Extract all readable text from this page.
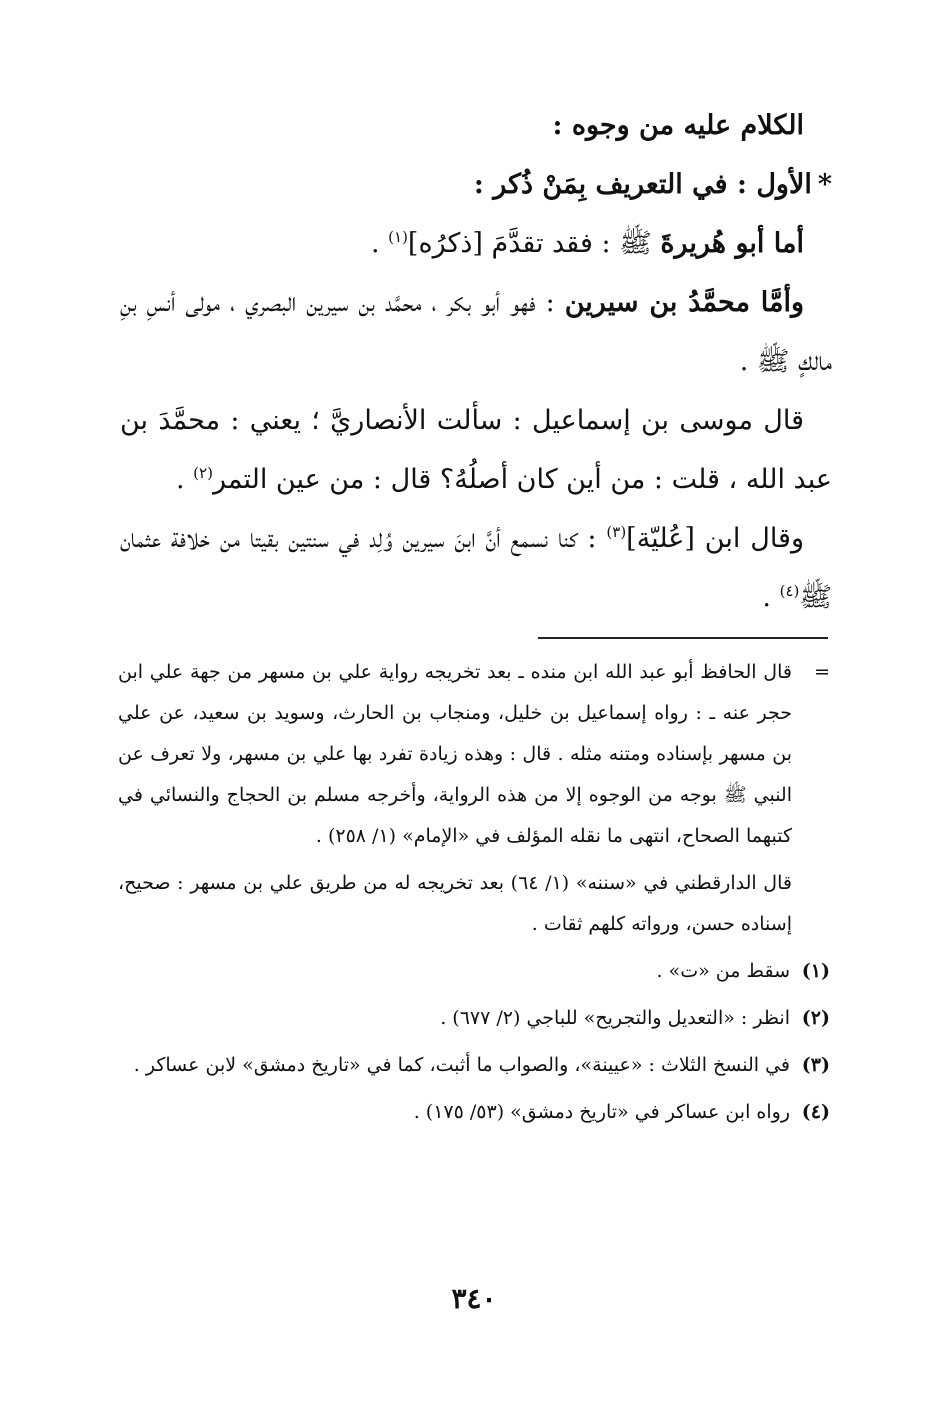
الكلام عليه من وجوه :

*الأول : في التعريف بِمَنْ ذُكر :

أما أبو هُريرةَ ﷺ : فقد تقدَّمَ [ذكرُه]$^{(١)}$ .

وأمَّا محمَّدُ بن سيرين : فهو أبو بكر ، محمَّد بن سيرين البصري ، مولى أنسِ بنِ مالكٍ ﷺ .

قال موسى بن إسماعيل : سألت الأنصاريَّ ؛ يعني : محمَّدَ بن عبد الله ، قلت : من أين كان أصلُهُ؟ قال : من عين التمر$^{(٢)}$ .

وقال ابن [عُليّة]$^{(٣)}$ : كنا نسمع أنَّ ابنَ سيرين وُلِد في سنتين بقيتا من خلافة عثمان ﷺ$^{(٤)}$ .

=
قال الحافظ أبو عبد الله ابن منده ـ بعد تخريجه رواية علي بن مسهر من جهة علي ابن حجر عنه ـ : رواه إسماعيل بن خليل، ومنجاب بن الحارث، وسويد بن سعيد، عن علي بن مسهر بإسناده ومتنه مثله . قال : وهذه زيادة تفرد بها علي بن مسهر، ولا تعرف عن النبي ﷺ بوجه من الوجوه إلا من هذه الرواية، وأخرجه مسلم بن الحجاج والنسائي في كتبهما الصحاح، انتهى ما نقله المؤلف في «الإمام» (١/ ٢٥٨) .

قال الدارقطني في «سننه» (١/ ٦٤) بعد تخريجه له من طريق علي بن مسهر : صحيح، إسناده حسن، ورواته كلهم ثقات .

(١)
سقط من «ت» .

(٢)
انظر : «التعديل والتجريح» للباجي (٢/ ٦٧٧) .

(٣)
في النسخ الثلاث : «عيينة»، والصواب ما أثبت، كما في «تاريخ دمشق» لابن عساكر .

(٤)
رواه ابن عساكر في «تاريخ دمشق» (٥٣/ ١٧٥) .

٣٤٠
